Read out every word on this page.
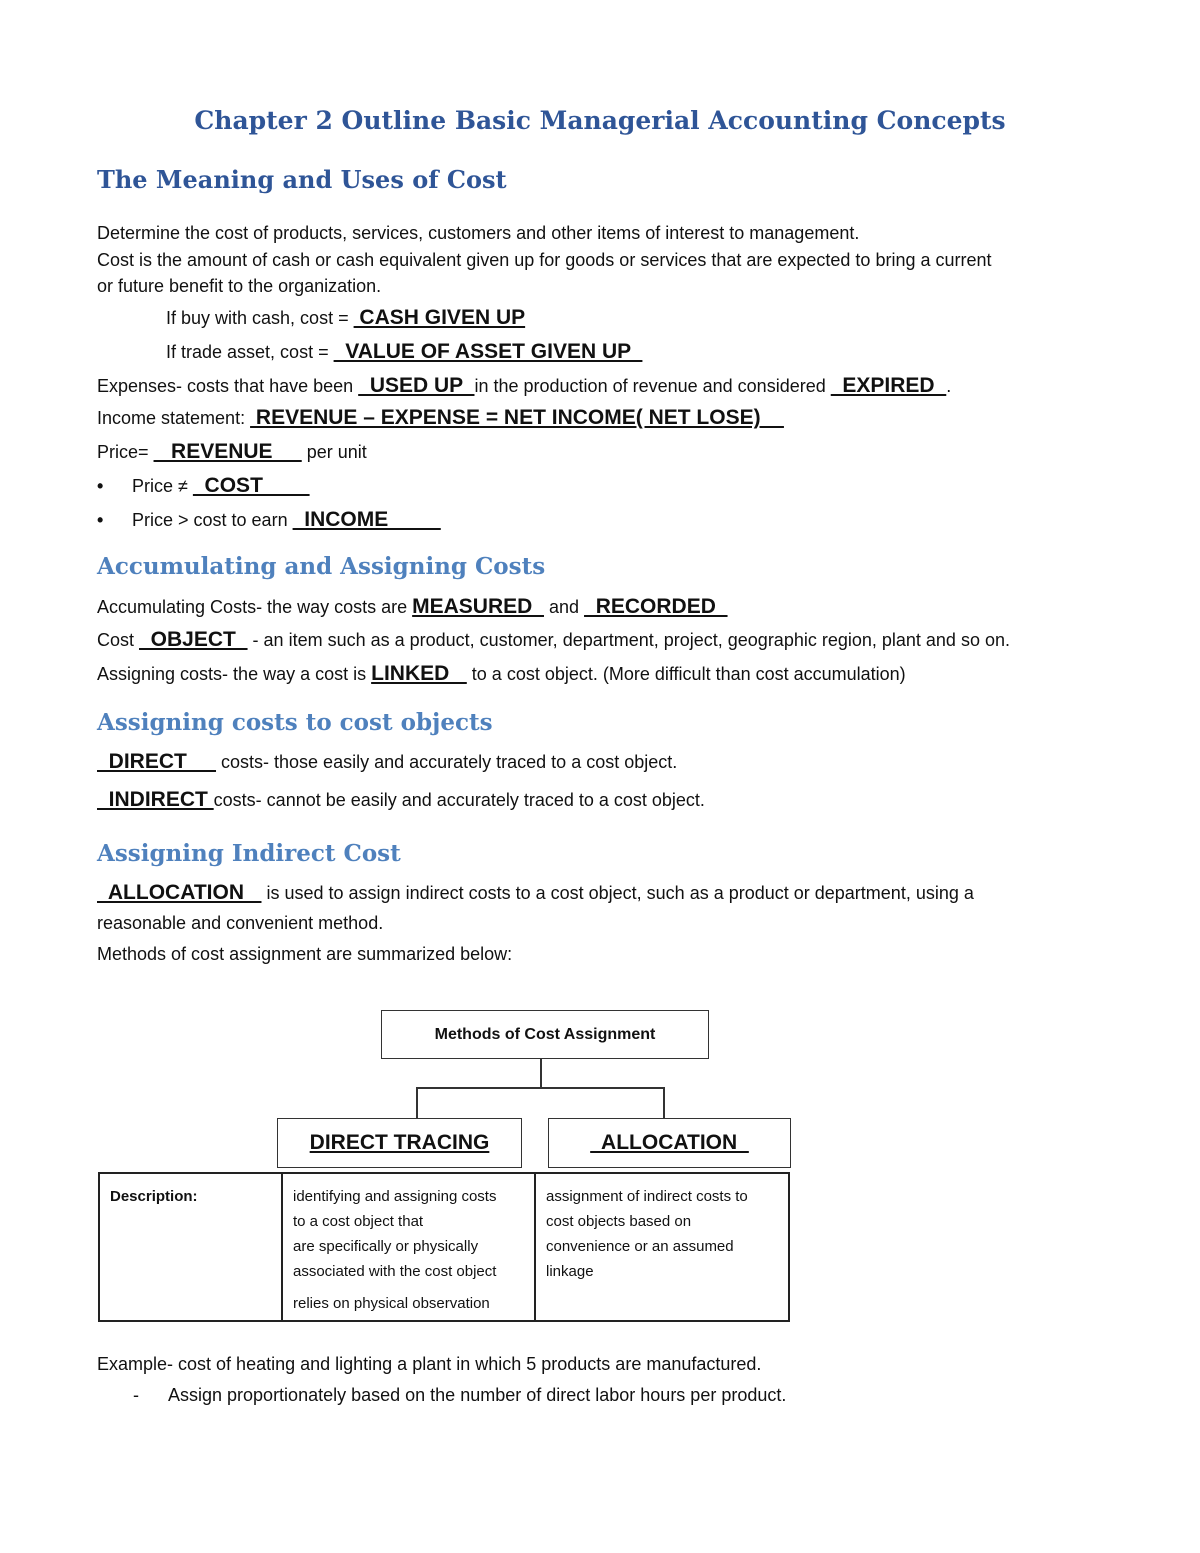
Chapter 2 Outline Basic Managerial Accounting Concepts
The Meaning and Uses of Cost
Determine the cost of products, services, customers and other items of interest to management.
Cost is the amount of cash or cash equivalent given up for goods or services that are expected to bring a current
or future benefit to the organization.
If buy with cash, cost =  CASH GIVEN UP
If trade asset, cost =   VALUE OF ASSET GIVEN UP
Expenses- costs that have been   USED UP  in the production of revenue and considered   EXPIRED  .
Income statement:  REVENUE – EXPENSE = NET INCOME( NET LOSE)
Price=    REVENUE      per unit
• Price ≠   COST
• Price > cost to earn   INCOME
Accumulating and Assigning Costs
Accumulating Costs- the way costs are MEASURED   and   RECORDED
Cost   OBJECT   - an item such as a product, customer, department, project, geographic region, plant and so on.
Assigning costs- the way a cost is LINKED    to a cost object. (More difficult than cost accumulation)
Assigning costs to cost objects
DIRECT      costs- those easily and accurately traced to a cost object.
INDIRECT costs- cannot be easily and accurately traced to a cost object.
Assigning Indirect Cost
ALLOCATION    is used to assign indirect costs to a cost object, such as a product or department, using a
reasonable and convenient method.
Methods of cost assignment are summarized below:
Methods of Cost Assignment
DIRECT TRACING	ALLOCATION
Description:	identifying and assigning costs
to a cost object that
are specifically or physically
associated with the cost object
relies on physical observation
assignment of indirect costs to
cost objects based on
convenience or an assumed
linkage
Example- cost of heating and lighting a plant in which 5 products are manufactured.
- Assign proportionately based on the number of direct labor hours per product.
